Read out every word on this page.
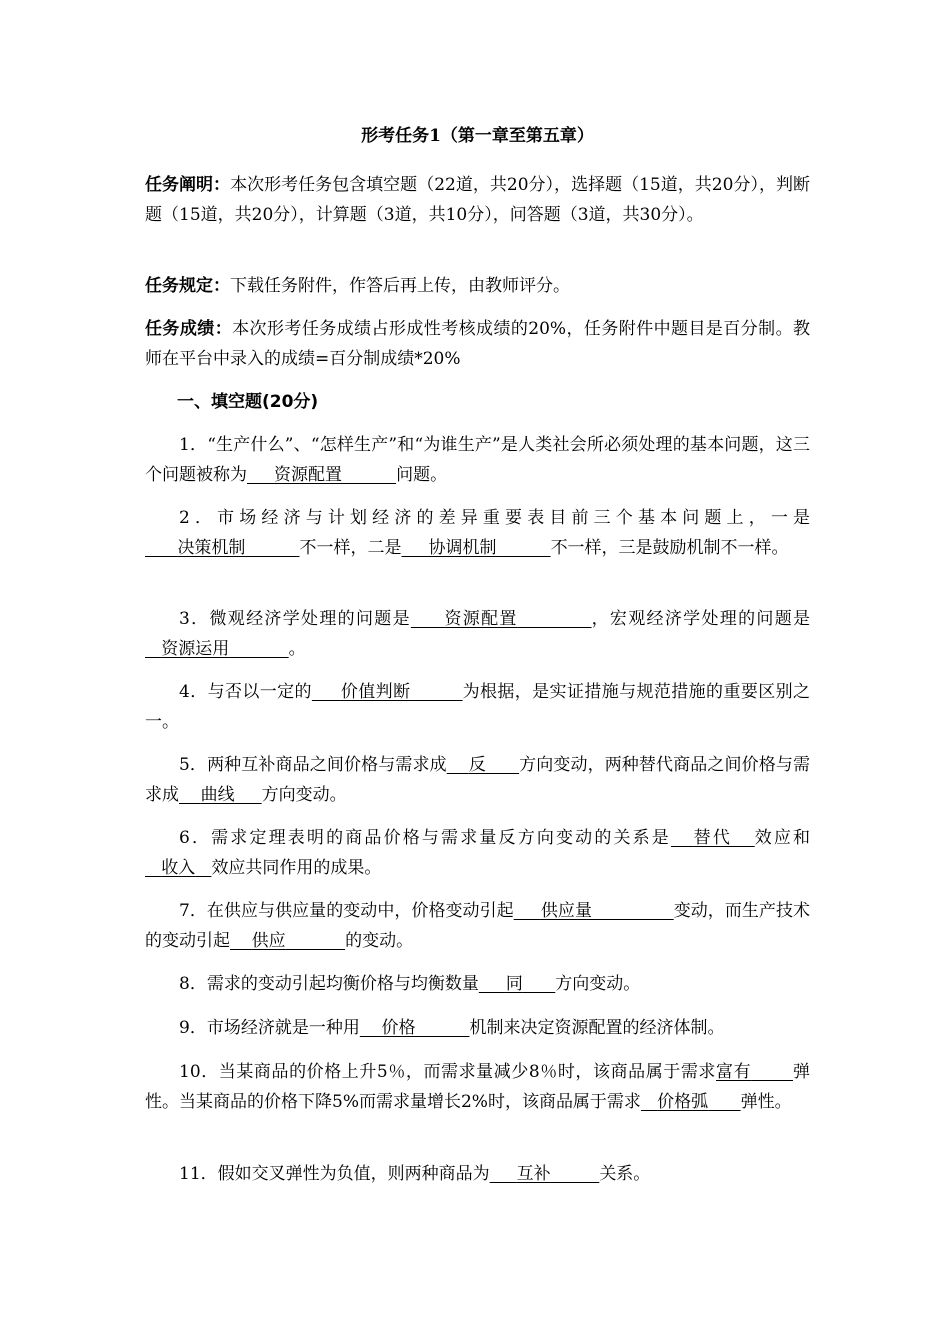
形考任务1（第一章至第五章）
任务阐明：本次形考任务包含填空题（22道，共20分），选择题（15道，共20分），判断题（15道，共20分），计算题（3道，共10分），问答题（3道，共30分）。
任务规定：下载任务附件，作答后再上传，由教师评分。
任务成绩：本次形考任务成绩占形成性考核成绩的20%，任务附件中题目是百分制。教师在平台中录入的成绩=百分制成绩*20%
一、填空题(20分)
1．“生产什么”、“怎样生产”和“为谁生产”是人类社会所必须处理的基本问题，这三个问题被称为 资源配置	问题。
2．市场经济与计划经济的差异重要表目前三个基本问题上，一是      决策机制	不一样，二是 协调机制	不一样，三是鼓励机制不一样。
3．微观经济学处理的问题是 资源配置	，宏观经济学处理的问题是   资源运用	。
4．与否以一定的 价值判断	为根据，是实证措施与规范措施的重要区别之一。
5．两种互补商品之间价格与需求成 反 方向变动，两种替代商品之间价格与需求成 曲线 方向变动。
6．需求定理表明的商品价格与需求量反方向变动的关系是 替代 效应和   收入 效应共同作用的成果。
7．在供应与供应量的变动中，价格变动引起 供应量	变动，而生产技术的变动引起 供应	的变动。
8．需求的变动引起均衡价格与均衡数量 同 方向变动。
9．市场经济就是一种用 价格	机制来决定资源配置的经济体制。
10．当某商品的价格上升5％，而需求量减少8％时，该商品属于需求富有 弹性。当某商品的价格下降5%而需求量增长2%时，该商品属于需求 价格弧 弹性。
11．假如交叉弹性为负值，则两种商品为 互补	关系。
